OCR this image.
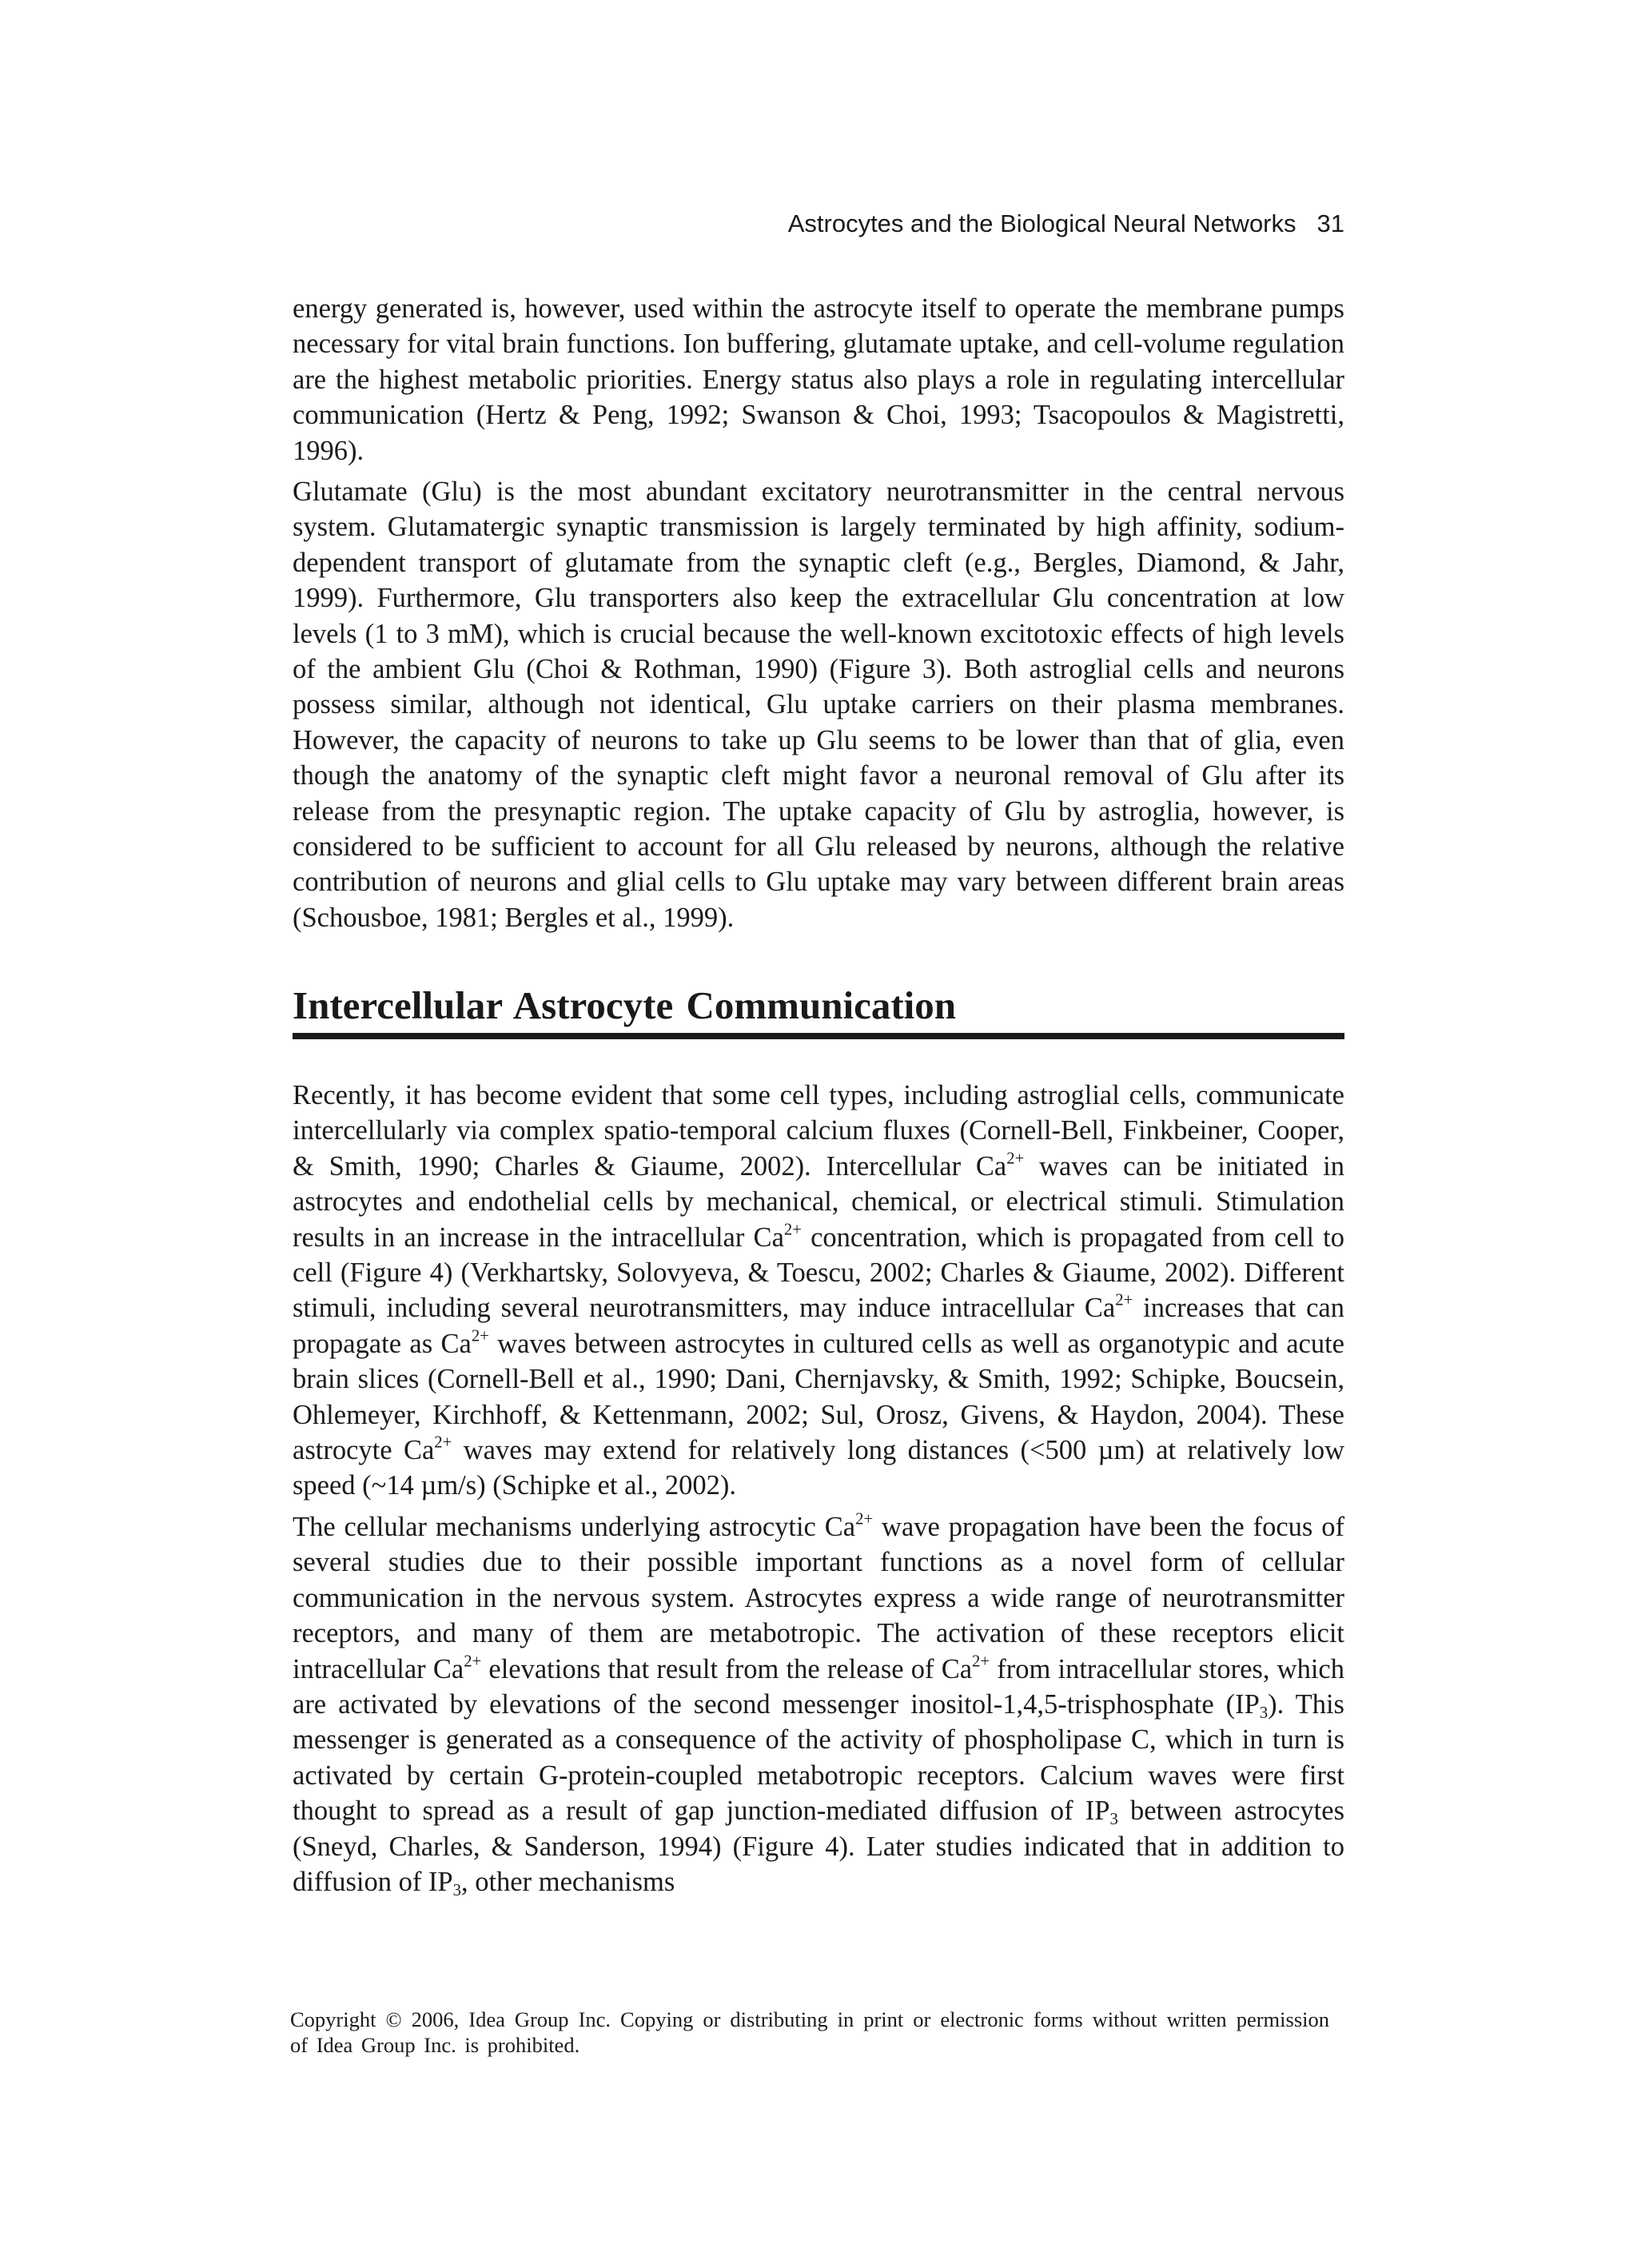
Astrocytes and the Biological Neural Networks 31

energy generated is, however, used within the astrocyte itself to operate the membrane pumps necessary for vital brain functions. Ion buffering, glutamate uptake, and cell-volume regulation are the highest metabolic priorities. Energy status also plays a role in regulating intercellular communication (Hertz & Peng, 1992; Swanson & Choi, 1993; Tsacopoulos & Magistretti, 1996).

Glutamate (Glu) is the most abundant excitatory neurotransmitter in the central nervous system. Glutamatergic synaptic transmission is largely terminated by high affinity, sodium-dependent transport of glutamate from the synaptic cleft (e.g., Bergles, Diamond, & Jahr, 1999). Furthermore, Glu transporters also keep the extracellular Glu concentration at low levels (1 to 3 mM), which is crucial because the well-known excitotoxic effects of high levels of the ambient Glu (Choi & Rothman, 1990) (Figure 3). Both astroglial cells and neurons possess similar, although not identical, Glu uptake carriers on their plasma membranes. However, the capacity of neurons to take up Glu seems to be lower than that of glia, even though the anatomy of the synaptic cleft might favor a neuronal removal of Glu after its release from the presynaptic region. The uptake capacity of Glu by astroglia, however, is considered to be sufficient to account for all Glu released by neurons, although the relative contribution of neurons and glial cells to Glu uptake may vary between different brain areas (Schousboe, 1981; Bergles et al., 1999).

Intercellular Astrocyte Communication

Recently, it has become evident that some cell types, including astroglial cells, communicate intercellularly via complex spatio-temporal calcium fluxes (Cornell-Bell, Finkbeiner, Cooper, & Smith, 1990; Charles & Giaume, 2002). Intercellular $Ca^{2+}$ waves can be initiated in astrocytes and endothelial cells by mechanical, chemical, or electrical stimuli. Stimulation results in an increase in the intracellular $Ca^{2+}$ concentration, which is propagated from cell to cell (Figure 4) (Verkhartsky, Solovyeva, & Toescu, 2002; Charles & Giaume, 2002). Different stimuli, including several neurotransmitters, may induce intracellular $Ca^{2+}$ increases that can propagate as $Ca^{2+}$ waves between astrocytes in cultured cells as well as organotypic and acute brain slices (Cornell-Bell et al., 1990; Dani, Chernjavsky, & Smith, 1992; Schipke, Boucsein, Ohlemeyer, Kirchhoff, & Kettenmann, 2002; Sul, Orosz, Givens, & Haydon, 2004). These astrocyte $Ca^{2+}$ waves may extend for relatively long distances (<500 µm) at relatively low speed (~14 µm/s) (Schipke et al., 2002).

The cellular mechanisms underlying astrocytic $Ca^{2+}$ wave propagation have been the focus of several studies due to their possible important functions as a novel form of cellular communication in the nervous system. Astrocytes express a wide range of neurotransmitter receptors, and many of them are metabotropic. The activation of these receptors elicit intracellular $Ca^{2+}$ elevations that result from the release of $Ca^{2+}$ from intracellular stores, which are activated by elevations of the second messenger inositol-1,4,5-trisphosphate $(IP_3)$. This messenger is generated as a consequence of the activity of phospholipase C, which in turn is activated by certain G-protein-coupled metabotropic receptors. Calcium waves were first thought to spread as a result of gap junction-mediated diffusion of $IP_3$ between astrocytes (Sneyd, Charles, & Sanderson, 1994) (Figure 4). Later studies indicated that in addition to diffusion of $IP_3$, other mechanisms

Copyright © 2006, Idea Group Inc. Copying or distributing in print or electronic forms without written permission of Idea Group Inc. is prohibited.
